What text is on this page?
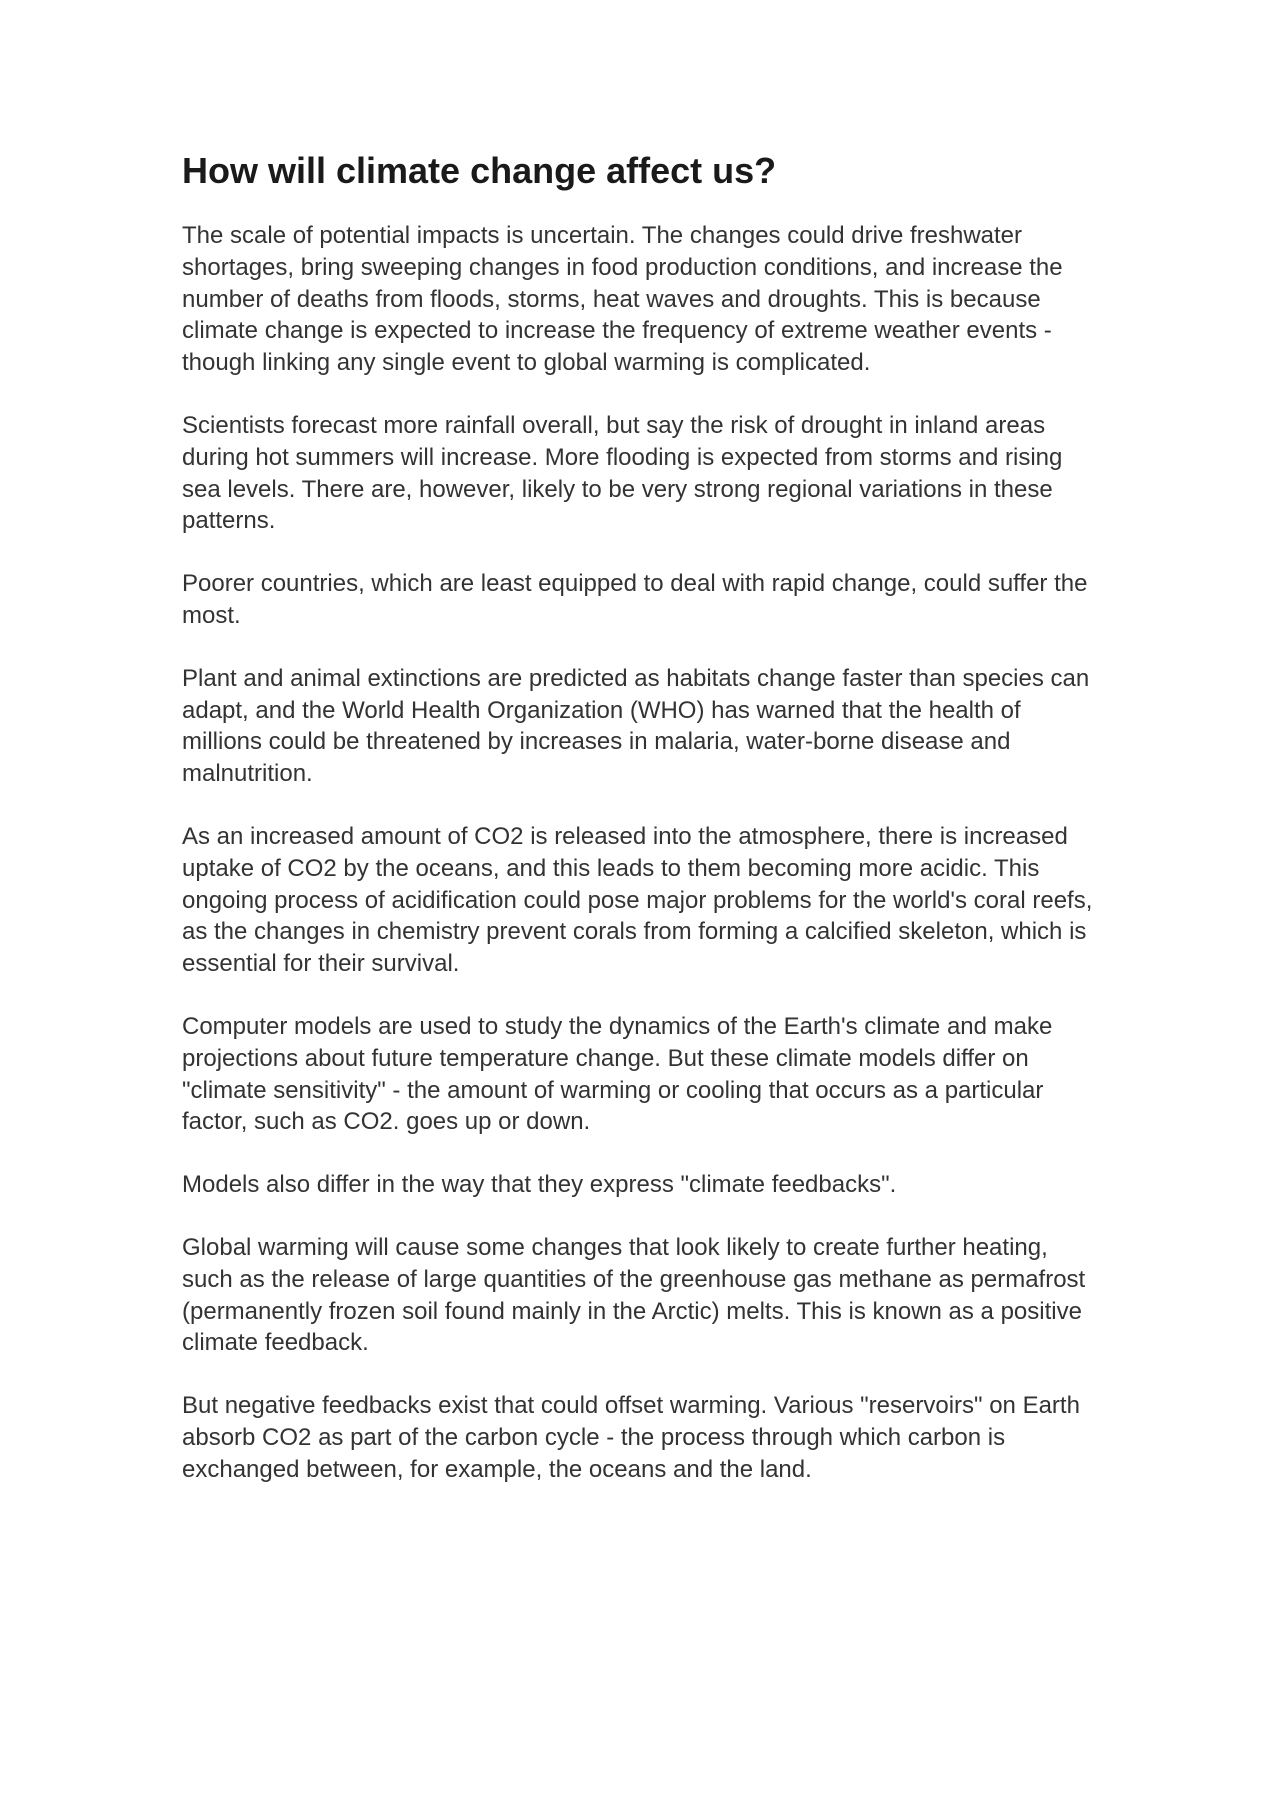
How will climate change affect us?

The scale of potential impacts is uncertain. The changes could drive freshwater shortages, bring sweeping changes in food production conditions, and increase the number of deaths from floods, storms, heat waves and droughts. This is because climate change is expected to increase the frequency of extreme weather events - though linking any single event to global warming is complicated.

Scientists forecast more rainfall overall, but say the risk of drought in inland areas during hot summers will increase. More flooding is expected from storms and rising sea levels. There are, however, likely to be very strong regional variations in these patterns.

Poorer countries, which are least equipped to deal with rapid change, could suffer the most.

Plant and animal extinctions are predicted as habitats change faster than species can adapt, and the World Health Organization (WHO) has warned that the health of millions could be threatened by increases in malaria, water-borne disease and malnutrition.

As an increased amount of CO2 is released into the atmosphere, there is increased uptake of CO2 by the oceans, and this leads to them becoming more acidic. This ongoing process of acidification could pose major problems for the world's coral reefs, as the changes in chemistry prevent corals from forming a calcified skeleton, which is essential for their survival.

Computer models are used to study the dynamics of the Earth's climate and make projections about future temperature change. But these climate models differ on "climate sensitivity" - the amount of warming or cooling that occurs as a particular factor, such as CO2. goes up or down.

Models also differ in the way that they express "climate feedbacks".

Global warming will cause some changes that look likely to create further heating, such as the release of large quantities of the greenhouse gas methane as permafrost (permanently frozen soil found mainly in the Arctic) melts. This is known as a positive climate feedback.

But negative feedbacks exist that could offset warming. Various "reservoirs" on Earth absorb CO2 as part of the carbon cycle - the process through which carbon is exchanged between, for example, the oceans and the land.
